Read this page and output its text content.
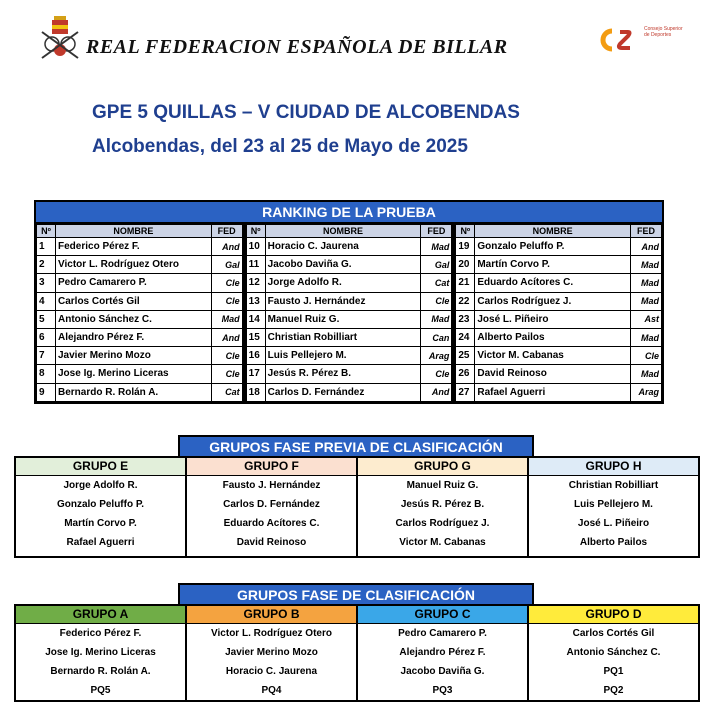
REAL FEDERACION ESPAÑOLA DE BILLAR
Consejo Superior de Deportes
GPE 5 QUILLAS – V CIUDAD DE ALCOBENDAS
Alcobendas, del 23 al 25 de Mayo de 2025
RANKING DE LA PRUEBA
Nº	NOMBRE	FED
1	Federico Pérez F.	And
2	Victor L. Rodríguez Otero	Gal
3	Pedro Camarero P.	Cle
4	Carlos Cortés Gil	Cle
5	Antonio Sánchez C.	Mad
6	Alejandro Pérez F.	And
7	Javier Merino Mozo	Cle
8	Jose Ig. Merino Liceras	Cle
9	Bernardo R. Rolán A.	Cat
Nº	NOMBRE	FED
10	Horacio C. Jaurena	Mad
11	Jacobo Daviña G.	Gal
12	Jorge Adolfo R.	Cat
13	Fausto J. Hernández	Cle
14	Manuel Ruiz G.	Mad
15	Christian Robilliart	Can
16	Luis Pellejero M.	Arag
17	Jesús R. Pérez B.	Cle
18	Carlos D. Fernández	And
Nº	NOMBRE	FED
19	Gonzalo Peluffo P.	And
20	Martín Corvo P.	Mad
21	Eduardo Acítores C.	Mad
22	Carlos Rodríguez J.	Mad
23	José L. Piñeiro	Ast
24	Alberto Pailos	Mad
25	Victor M. Cabanas	Cle
26	David Reinoso	Mad
27	Rafael Aguerri	Arag
GRUPOS FASE PREVIA DE CLASIFICACIÓN
GRUPO E
Jorge Adolfo R.
Gonzalo Peluffo P.
Martín Corvo P.
Rafael Aguerri
GRUPO F
Fausto J. Hernández
Carlos D. Fernández
Eduardo Acítores C.
David Reinoso
GRUPO G
Manuel Ruiz G.
Jesús R. Pérez B.
Carlos Rodríguez J.
Victor M. Cabanas
GRUPO H
Christian Robilliart
Luis Pellejero M.
José L. Piñeiro
Alberto Pailos
GRUPOS FASE DE CLASIFICACIÓN
GRUPO A
Federico Pérez F.
Jose Ig. Merino Liceras
Bernardo R. Rolán A.
PQ5
GRUPO B
Victor L. Rodríguez Otero
Javier Merino Mozo
Horacio C. Jaurena
PQ4
GRUPO C
Pedro Camarero P.
Alejandro Pérez F.
Jacobo Daviña G.
PQ3
GRUPO D
Carlos Cortés Gil
Antonio Sánchez C.
PQ1
PQ2
